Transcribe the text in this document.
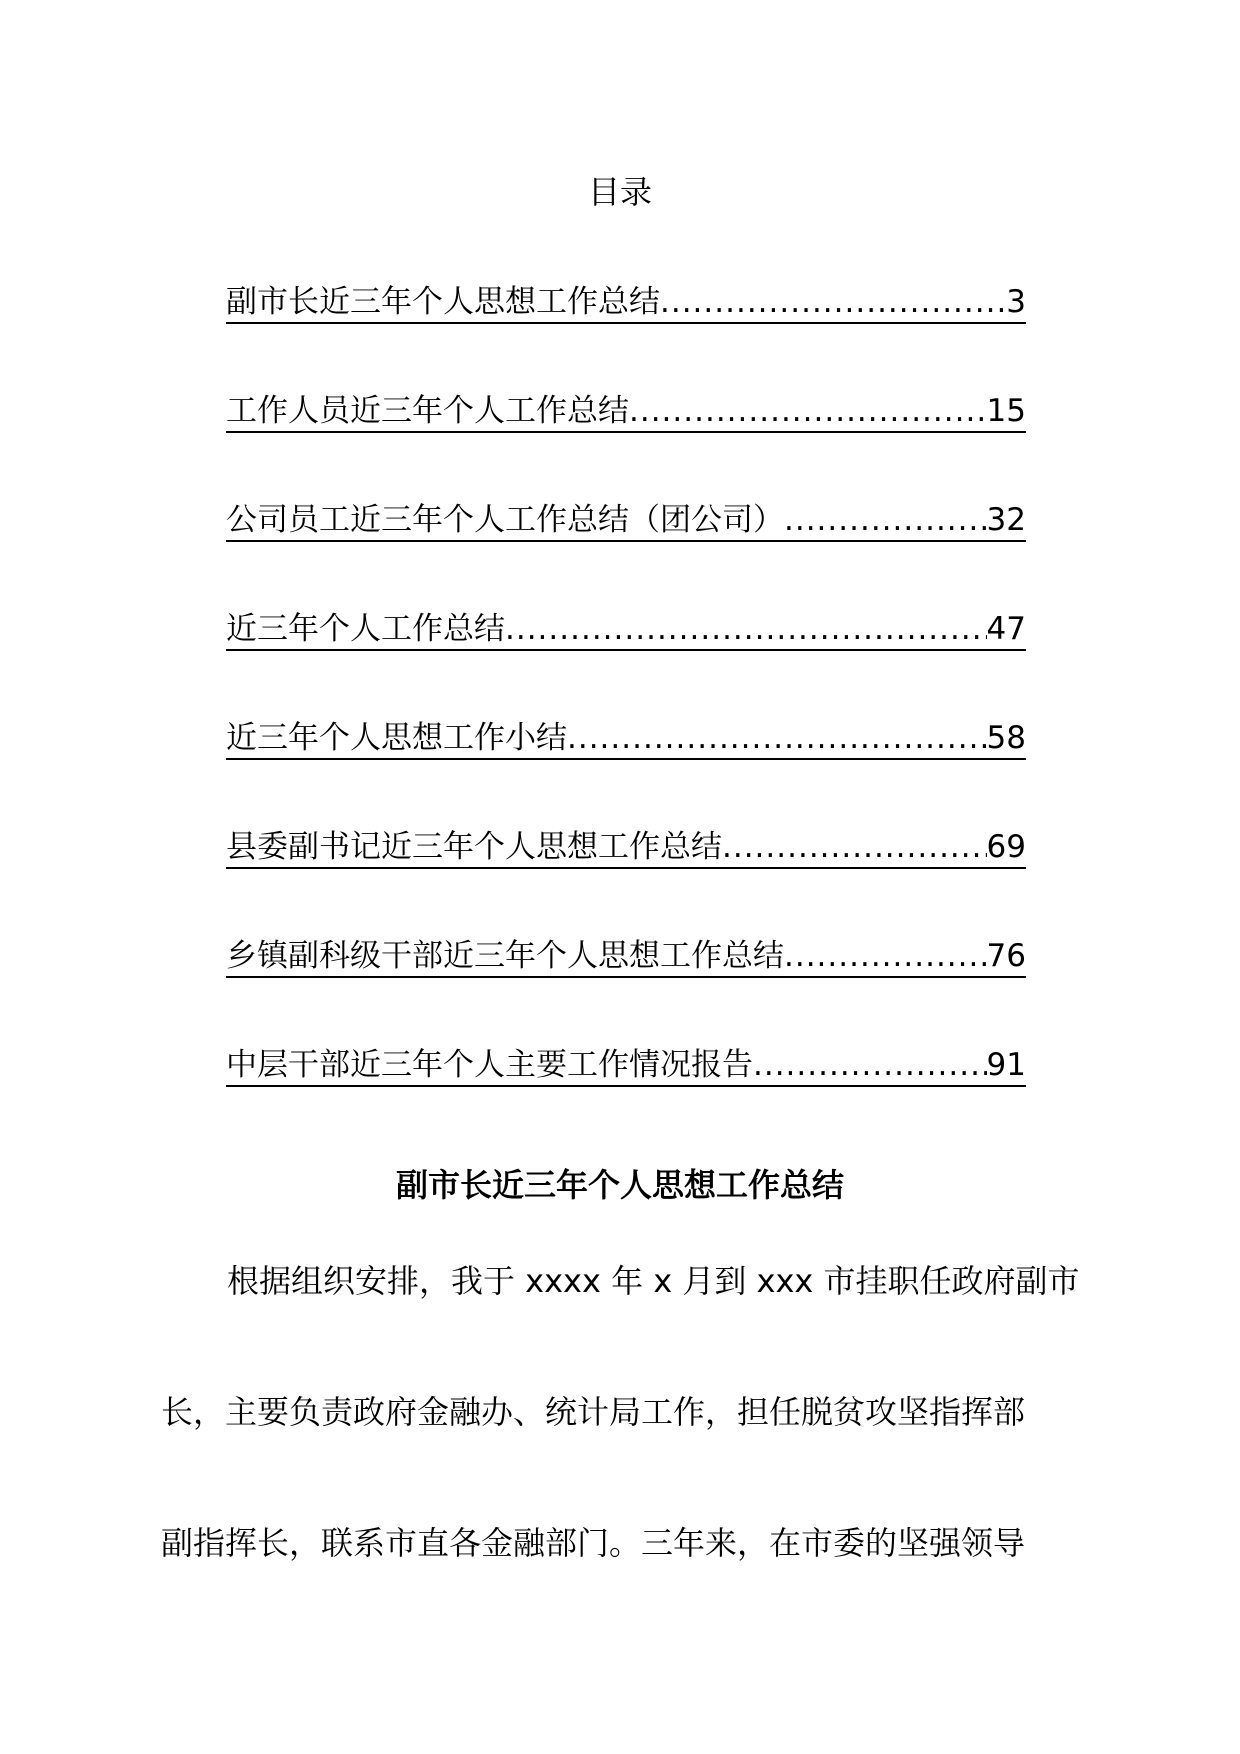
目录
副市长近三年个人思想工作总结 .....	3
工作人员近三年个人工作总结 .....	15
公司员工近三年个人工作总结（团公司） .....	32
近三年个人工作总结 .....	47
近三年个人思想工作小结 .....	58
县委副书记近三年个人思想工作总结 .....	69
乡镇副科级干部近三年个人思想工作总结 .....	76
中层干部近三年个人主要工作情况报告 .....	91
副市长近三年个人思想工作总结
根据组织安排，我于 xxxx 年 x 月到 xxx 市挂职任政府副市
长，主要负责政府金融办、统计局工作，担任脱贫攻坚指挥部
副指挥长，联系市直各金融部门。三年来，在市委的坚强领导
